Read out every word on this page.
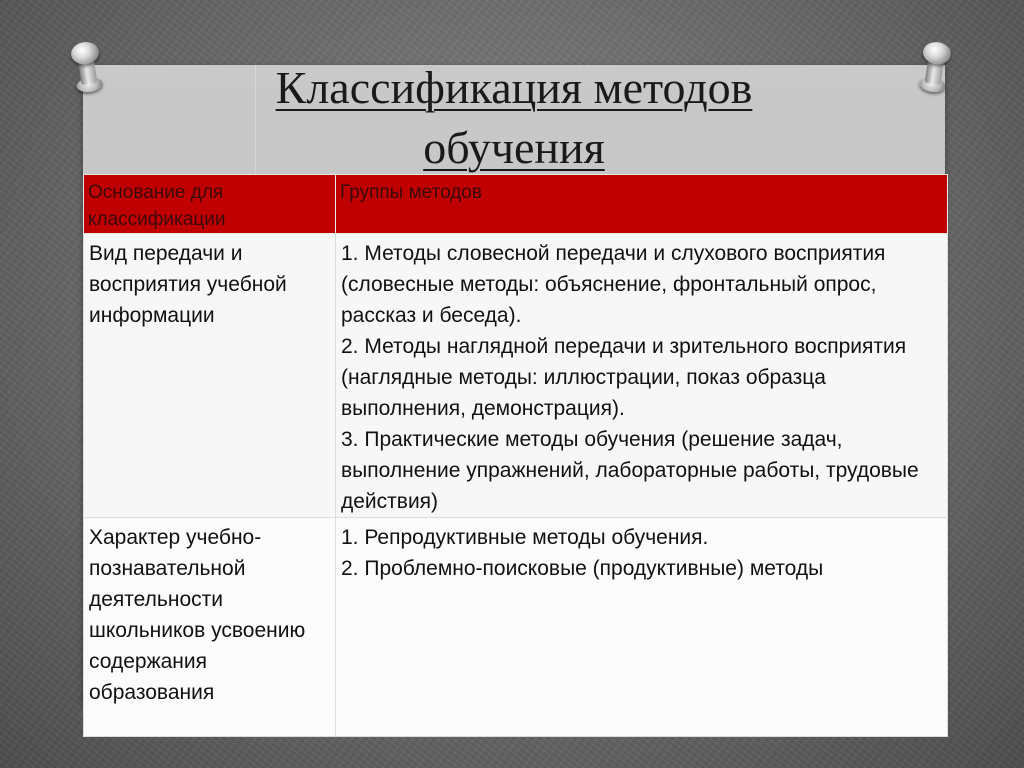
Классификация методов
обучения
Основание для классификации	Группы методов
Вид передачи и восприятия учебной информации	1. Методы словесной передачи и слухового восприятия (словесные методы: объяснение, фронтальный опрос, рассказ и беседа).
2. Методы наглядной передачи и зрительного восприятия (наглядные методы: иллюстрации, показ образца выполнения, демонстрация).
3. Практические методы обучения (решение задач, выполнение упражнений, лабораторные работы, трудовые действия)

Характер учебно-познавательной деятельности школьников усвоению содержания образования	1. Репродуктивные методы обучения.
2. Проблемно-поисковые (продуктивные) методы
